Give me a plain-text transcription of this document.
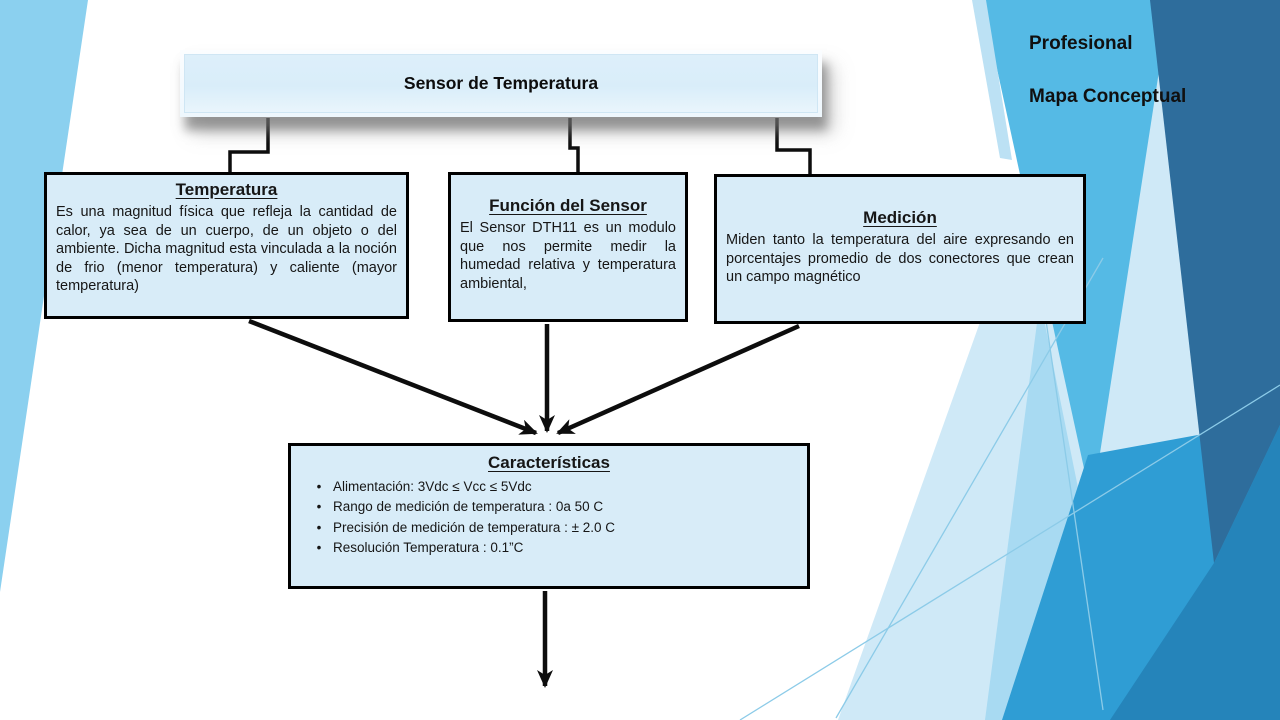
Sensor de Temperatura

Profesional

Mapa Conceptual

Temperatura

Es una magnitud física que refleja la cantidad de calor, ya sea de un cuerpo, de un objeto o del ambiente. Dicha magnitud esta vinculada a la noción de frio (menor temperatura) y caliente (mayor temperatura)

Función del Sensor

El Sensor DTH11 es un modulo que nos permite medir la humedad relativa y temperatura ambiental,

Medición

Miden tanto la temperatura del aire expresando en porcentajes promedio de dos conectores que crean un campo magnético

Características
• Alimentación: 3Vdc ≤ Vcc ≤ 5Vdc
• Rango de medición de temperatura : 0a 50 C
• Precisión de medición de temperatura : ± 2.0 C
• Resolución Temperatura : 0.1”C
